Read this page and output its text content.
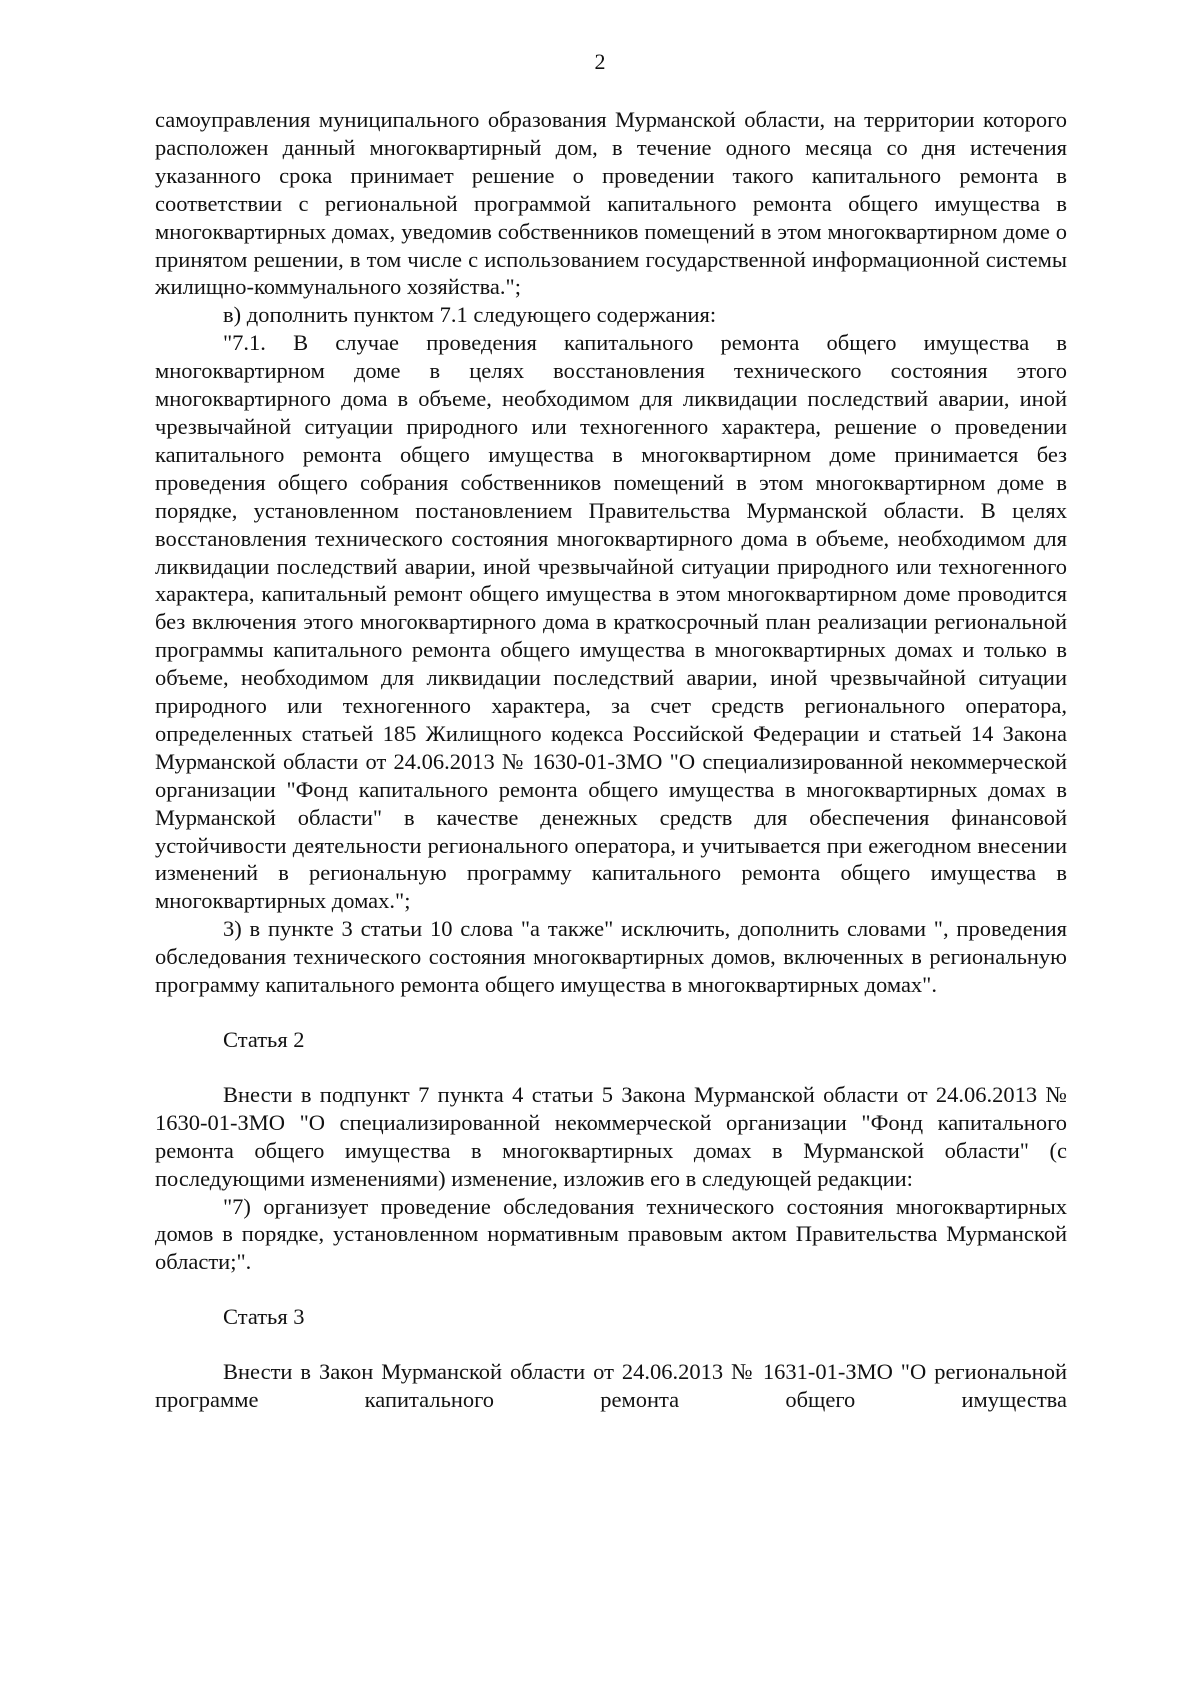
2

самоуправления муниципального образования Мурманской области, на территории которого расположен данный многоквартирный дом, в течение одного месяца со дня истечения указанного срока принимает решение о проведении такого капитального ремонта в соответствии с региональной программой капитального ремонта общего имущества в многоквартирных домах, уведомив собственников помещений в этом многоквартирном доме о принятом решении, в том числе с использованием государственной информационной системы жилищно-коммунального хозяйства.";

в) дополнить пунктом 7.1 следующего содержания:

"7.1. В случае проведения капитального ремонта общего имущества в многоквартирном доме в целях восстановления технического состояния этого многоквартирного дома в объеме, необходимом для ликвидации последствий аварии, иной чрезвычайной ситуации природного или техногенного характера, решение о проведении капитального ремонта общего имущества в многоквартирном доме принимается без проведения общего собрания собственников помещений в этом многоквартирном доме в порядке, установленном постановлением Правительства Мурманской области. В целях восстановления технического состояния многоквартирного дома в объеме, необходимом для ликвидации последствий аварии, иной чрезвычайной ситуации природного или техногенного характера, капитальный ремонт общего имущества в этом многоквартирном доме проводится без включения этого многоквартирного дома в краткосрочный план реализации региональной программы капитального ремонта общего имущества в многоквартирных домах и только в объеме, необходимом для ликвидации последствий аварии, иной чрезвычайной ситуации природного или техногенного характера, за счет средств регионального оператора, определенных статьей 185 Жилищного кодекса Российской Федерации и статьей 14 Закона Мурманской области от 24.06.2013 № 1630-01-ЗМО "О специализированной некоммерческой организации "Фонд капитального ремонта общего имущества в многоквартирных домах в Мурманской области" в качестве денежных средств для обеспечения финансовой устойчивости деятельности регионального оператора, и учитывается при ежегодном внесении изменений в региональную программу капитального ремонта общего имущества в многоквартирных домах.";

3) в пункте 3 статьи 10 слова "а также" исключить, дополнить словами ", проведения обследования технического состояния многоквартирных домов, включенных в региональную программу капитального ремонта общего имущества в многоквартирных домах".

Статья 2

Внести в подпункт 7 пункта 4 статьи 5 Закона Мурманской области от 24.06.2013 № 1630-01-ЗМО "О специализированной некоммерческой организации "Фонд капитального ремонта общего имущества в многоквартирных домах в Мурманской области" (с последующими изменениями) изменение, изложив его в следующей редакции:

"7) организует проведение обследования технического состояния многоквартирных домов в порядке, установленном нормативным правовым актом Правительства Мурманской области;".

Статья 3

Внести в Закон Мурманской области от 24.06.2013 № 1631-01-ЗМО "О региональной программе капитального ремонта общего имущества
